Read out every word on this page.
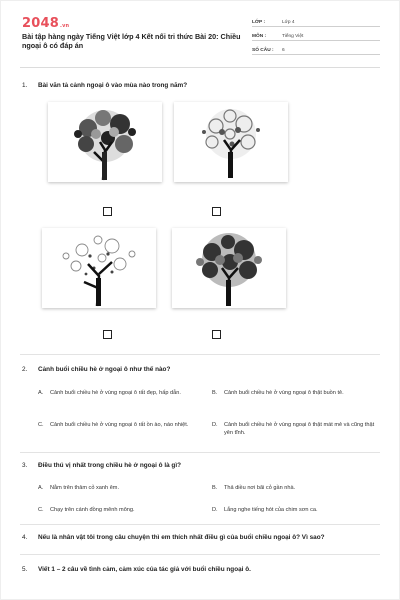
2048.vn
Bài tập hàng ngày Tiếng Việt lớp 4 Kết nối tri thức Bài 20: Chiều ngoại ô có đáp án
LỚP :	Lớp 4
MÔN :	Tiếng Việt
SỐ CÂU :	6
1. Bài văn tả cảnh ngoại ô vào mùa nào trong năm?
2. Cảnh buổi chiều hè ở ngoại ô như thế nào?
A.	Cảnh buổi chiều hè ở vùng ngoại ô rất đẹp, hấp dẫn.	B.	Cảnh buổi chiều hè ở vùng ngoại ô thật buồn tẻ.
C.	Cảnh buổi chiều hè ở vùng ngoại ô rất ồn ào, náo nhiệt.	D.	Cảnh buổi chiều hè ở vùng ngoại ô thật mát mẻ và cũng thật yên tĩnh.
3. Điều thú vị nhất trong chiều hè ở ngoại ô là gì?
A.	Nằm trên thảm cỏ xanh êm.	B.	Thả diều nơi bãi cỏ gần nhà.
C.	Chạy trên cánh đồng mênh mông.	D.	Lắng nghe tiếng hót của chim sơn ca.
4. Nếu là nhân vật tôi trong câu chuyện thì em thích nhất điều gì của buổi chiều ngoại ô? Vì sao?
5. Viết 1 – 2 câu về tình cảm, cảm xúc của tác giả với buổi chiều ngoại ô.
